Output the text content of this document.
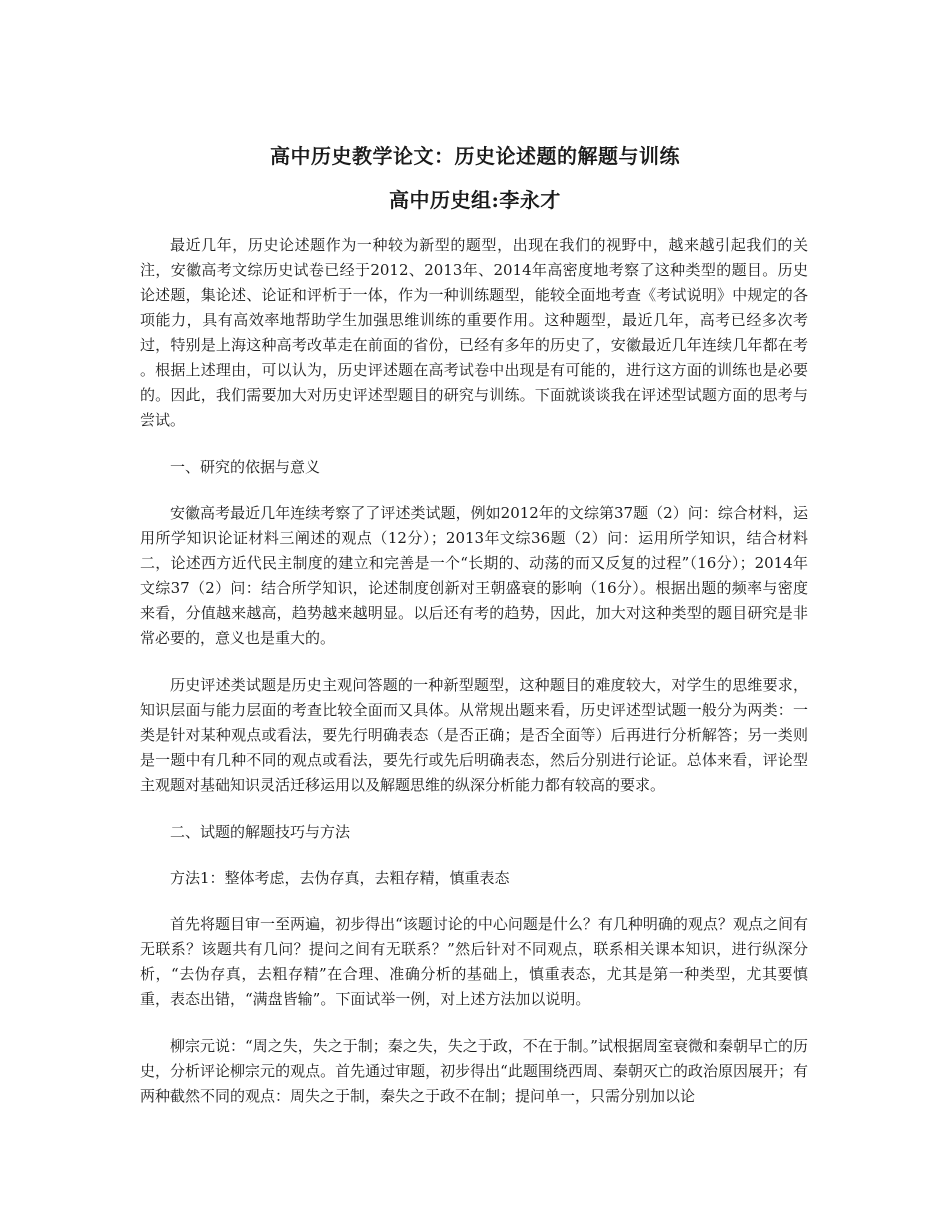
高中历史教学论文：历史论述题的解题与训练
高中历史组:李永才

最近几年，历史论述题作为一种较为新型的题型，出现在我们的视野中，越来越引起我们的关注，安徽高考文综历史试卷已经于2012、2013年、2014年高密度地考察了这种类型的题目。历史论述题，集论述、论证和评析于一体，作为一种训练题型，能较全面地考查《考试说明》中规定的各项能力，具有高效率地帮助学生加强思维训练的重要作用。这种题型，最近几年，高考已经多次考过，特别是上海这种高考改革走在前面的省份，已经有多年的历史了，安徽最近几年连续几年都在考 。根据上述理由，可以认为，历史评述题在高考试卷中出现是有可能的，进行这方面的训练也是必要的。因此，我们需要加大对历史评述型题目的研究与训练。下面就谈谈我在评述型试题方面的思考与尝试。

一、研究的依据与意义

安徽高考最近几年连续考察了了评述类试题，例如2012年的文综第37题（2）问：综合材料，运用所学知识论证材料三阐述的观点（12分）；2013年文综36题（2）问：运用所学知识，结合材料二，论述西方近代民主制度的建立和完善是一个“长期的、动荡的而又反复的过程”（16分）；2014年文综37（2）问：结合所学知识，论述制度创新对王朝盛衰的影响（16分）。根据出题的频率与密度来看，分值越来越高，趋势越来越明显。以后还有考的趋势，因此，加大对这种类型的题目研究是非常必要的，意义也是重大的。

历史评述类试题是历史主观问答题的一种新型题型，这种题目的难度较大，对学生的思维要求，知识层面与能力层面的考查比较全面而又具体。从常规出题来看，历史评述型试题一般分为两类：一类是针对某种观点或看法，要先行明确表态（是否正确；是否全面等）后再进行分析解答；另一类则是一题中有几种不同的观点或看法，要先行或先后明确表态，然后分别进行论证。总体来看，评论型主观题对基础知识灵活迁移运用以及解题思维的纵深分析能力都有较高的要求。

二、试题的解题技巧与方法

方法1：整体考虑，去伪存真，去粗存精，慎重表态

首先将题目审一至两遍，初步得出“该题讨论的中心问题是什么？有几种明确的观点？观点之间有无联系？该题共有几问？提问之间有无联系？”然后针对不同观点，联系相关课本知识，进行纵深分析，“去伪存真，去粗存精”在合理、准确分析的基础上，慎重表态，尤其是第一种类型，尤其要慎重，表态出错，“满盘皆输”。下面试举一例，对上述方法加以说明。

柳宗元说：“周之失，失之于制；秦之失，失之于政，不在于制。”试根据周室衰微和秦朝早亡的历史，分析评论柳宗元的观点。首先通过审题，初步得出“此题围绕西周、秦朝灭亡的政治原因展开；有两种截然不同的观点：周失之于制，秦失之于政不在制；提问单一，只需分别加以论
